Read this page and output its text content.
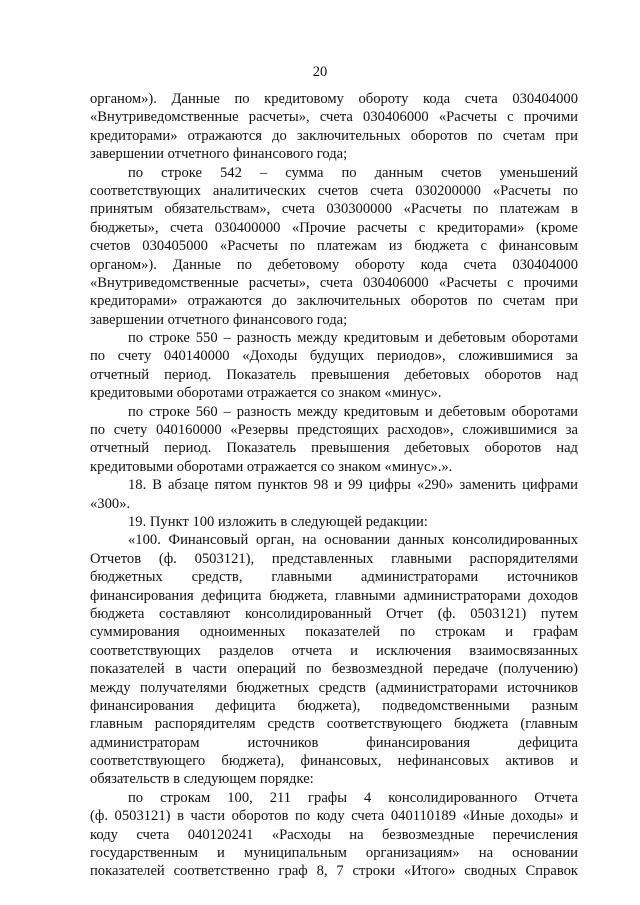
20
органом»). Данные по кредитовому обороту кода счета 030404000
«Внутриведомственные расчеты», счета 030406000 «Расчеты с прочими
кредиторами» отражаются до заключительных оборотов по счетам при
завершении отчетного финансового года;
по строке 542 – сумма по данным счетов уменьшений
соответствующих аналитических счетов счета 030200000 «Расчеты по
принятым обязательствам», счета 030300000 «Расчеты по платежам в
бюджеты», счета 030400000 «Прочие расчеты с кредиторами» (кроме
счетов 030405000 «Расчеты по платежам из бюджета с финансовым
органом»). Данные по дебетовому обороту кода счета 030404000
«Внутриведомственные расчеты», счета 030406000 «Расчеты с прочими
кредиторами» отражаются до заключительных оборотов по счетам при
завершении отчетного финансового года;
по строке 550 – разность между кредитовым и дебетовым оборотами
по счету 040140000 «Доходы будущих периодов», сложившимися за
отчетный период. Показатель превышения дебетовых оборотов над
кредитовыми оборотами отражается со знаком «минус».
по строке 560 – разность между кредитовым и дебетовым оборотами
по счету 040160000 «Резервы предстоящих расходов», сложившимися за
отчетный период. Показатель превышения дебетовых оборотов над
кредитовыми оборотами отражается со знаком «минус».».
18. В абзаце пятом пунктов 98 и 99 цифры «290» заменить цифрами
«300».
19. Пункт 100 изложить в следующей редакции:
«100. Финансовый орган, на основании данных консолидированных
Отчетов (ф. 0503121), представленных главными распорядителями
бюджетных средств, главными администраторами источников
финансирования дефицита бюджета, главными администраторами доходов
бюджета составляют консолидированный Отчет (ф. 0503121) путем
суммирования одноименных показателей по строкам и графам
соответствующих разделов отчета и исключения взаимосвязанных
показателей в части операций по безвозмездной передаче (получению)
между получателями бюджетных средств (администраторами источников
финансирования дефицита бюджета), подведомственными разным
главным распорядителям средств соответствующего бюджета (главным
администраторам источников финансирования дефицита
соответствующего бюджета), финансовых, нефинансовых активов и
обязательств в следующем порядке:
по строкам 100, 211 графы 4 консолидированного Отчета
(ф. 0503121) в части оборотов по коду счета 040110189 «Иные доходы» и
коду счета 040120241 «Расходы на безвозмездные перечисления
государственным и муниципальным организациям» на основании
показателей соответственно граф 8, 7 строки «Итого» сводных Справок
